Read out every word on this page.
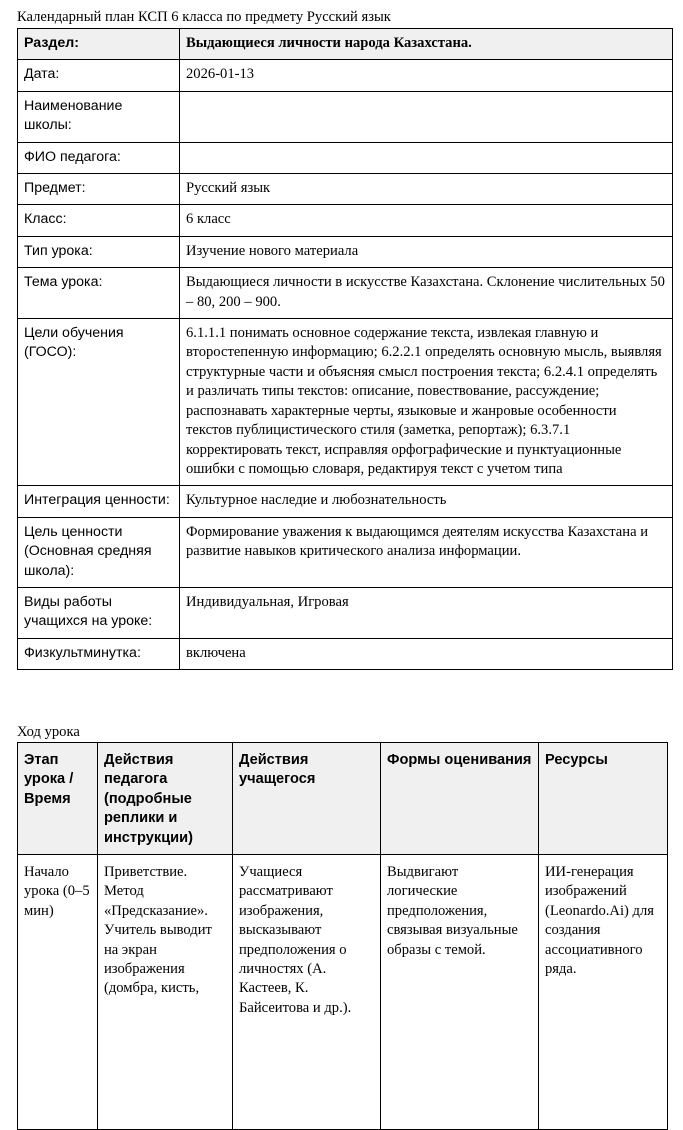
Календарный план КСП 6 класса по предмету Русский язык
Раздел:	Выдающиеся личности народа Казахстана.
Дата:	2026-01-13
Наименование школы:	
ФИО педагога:	
Предмет:	Русский язык
Класс:	6 класс
Тип урока:	Изучение нового материала
Тема урока:	Выдающиеся личности в искусстве Казахстана. Склонение числительных 50 – 80, 200 – 900.
Цели обучения (ГОСО):	6.1.1.1 понимать основное содержание текста, извлекая главную и второстепенную информацию; 6.2.2.1 определять основную мысль, выявляя структурные части и объясняя смысл построения текста; 6.2.4.1 определять и различать типы текстов: описание, повествование, рассуждение; распознавать характерные черты, языковые и жанровые особенности текстов публицистического стиля (заметка, репортаж); 6.3.7.1 корректировать текст, исправляя орфографические и пунктуационные ошибки с помощью словаря, редактируя текст с учетом типа
Интеграция ценности:	Культурное наследие и любознательность
Цель ценности (Основная средняя школа):	Формирование уважения к выдающимся деятелям искусства Казахстана и развитие навыков критического анализа информации.
Виды работы учащихся на уроке:	Индивидуальная, Игровая
Физкультминутка:	включена
Ход урока
Этап урока / Время	Действия педагога (подробные реплики и инструкции)	Действия учащегося	Формы оценивания	Ресурсы
Начало урока (0–5 мин)	Приветствие. Метод «Предсказание». Учитель выводит на экран изображения (домбра, кисть,	Учащиеся рассматривают изображения, высказывают предположения о личностях (А. Кастеев, К. Байсеитова и др.).	Выдвигают логические предположения, связывая визуальные образы с темой.	ИИ-генерация изображений (Leonardo.Ai) для создания ассоциативного ряда.
